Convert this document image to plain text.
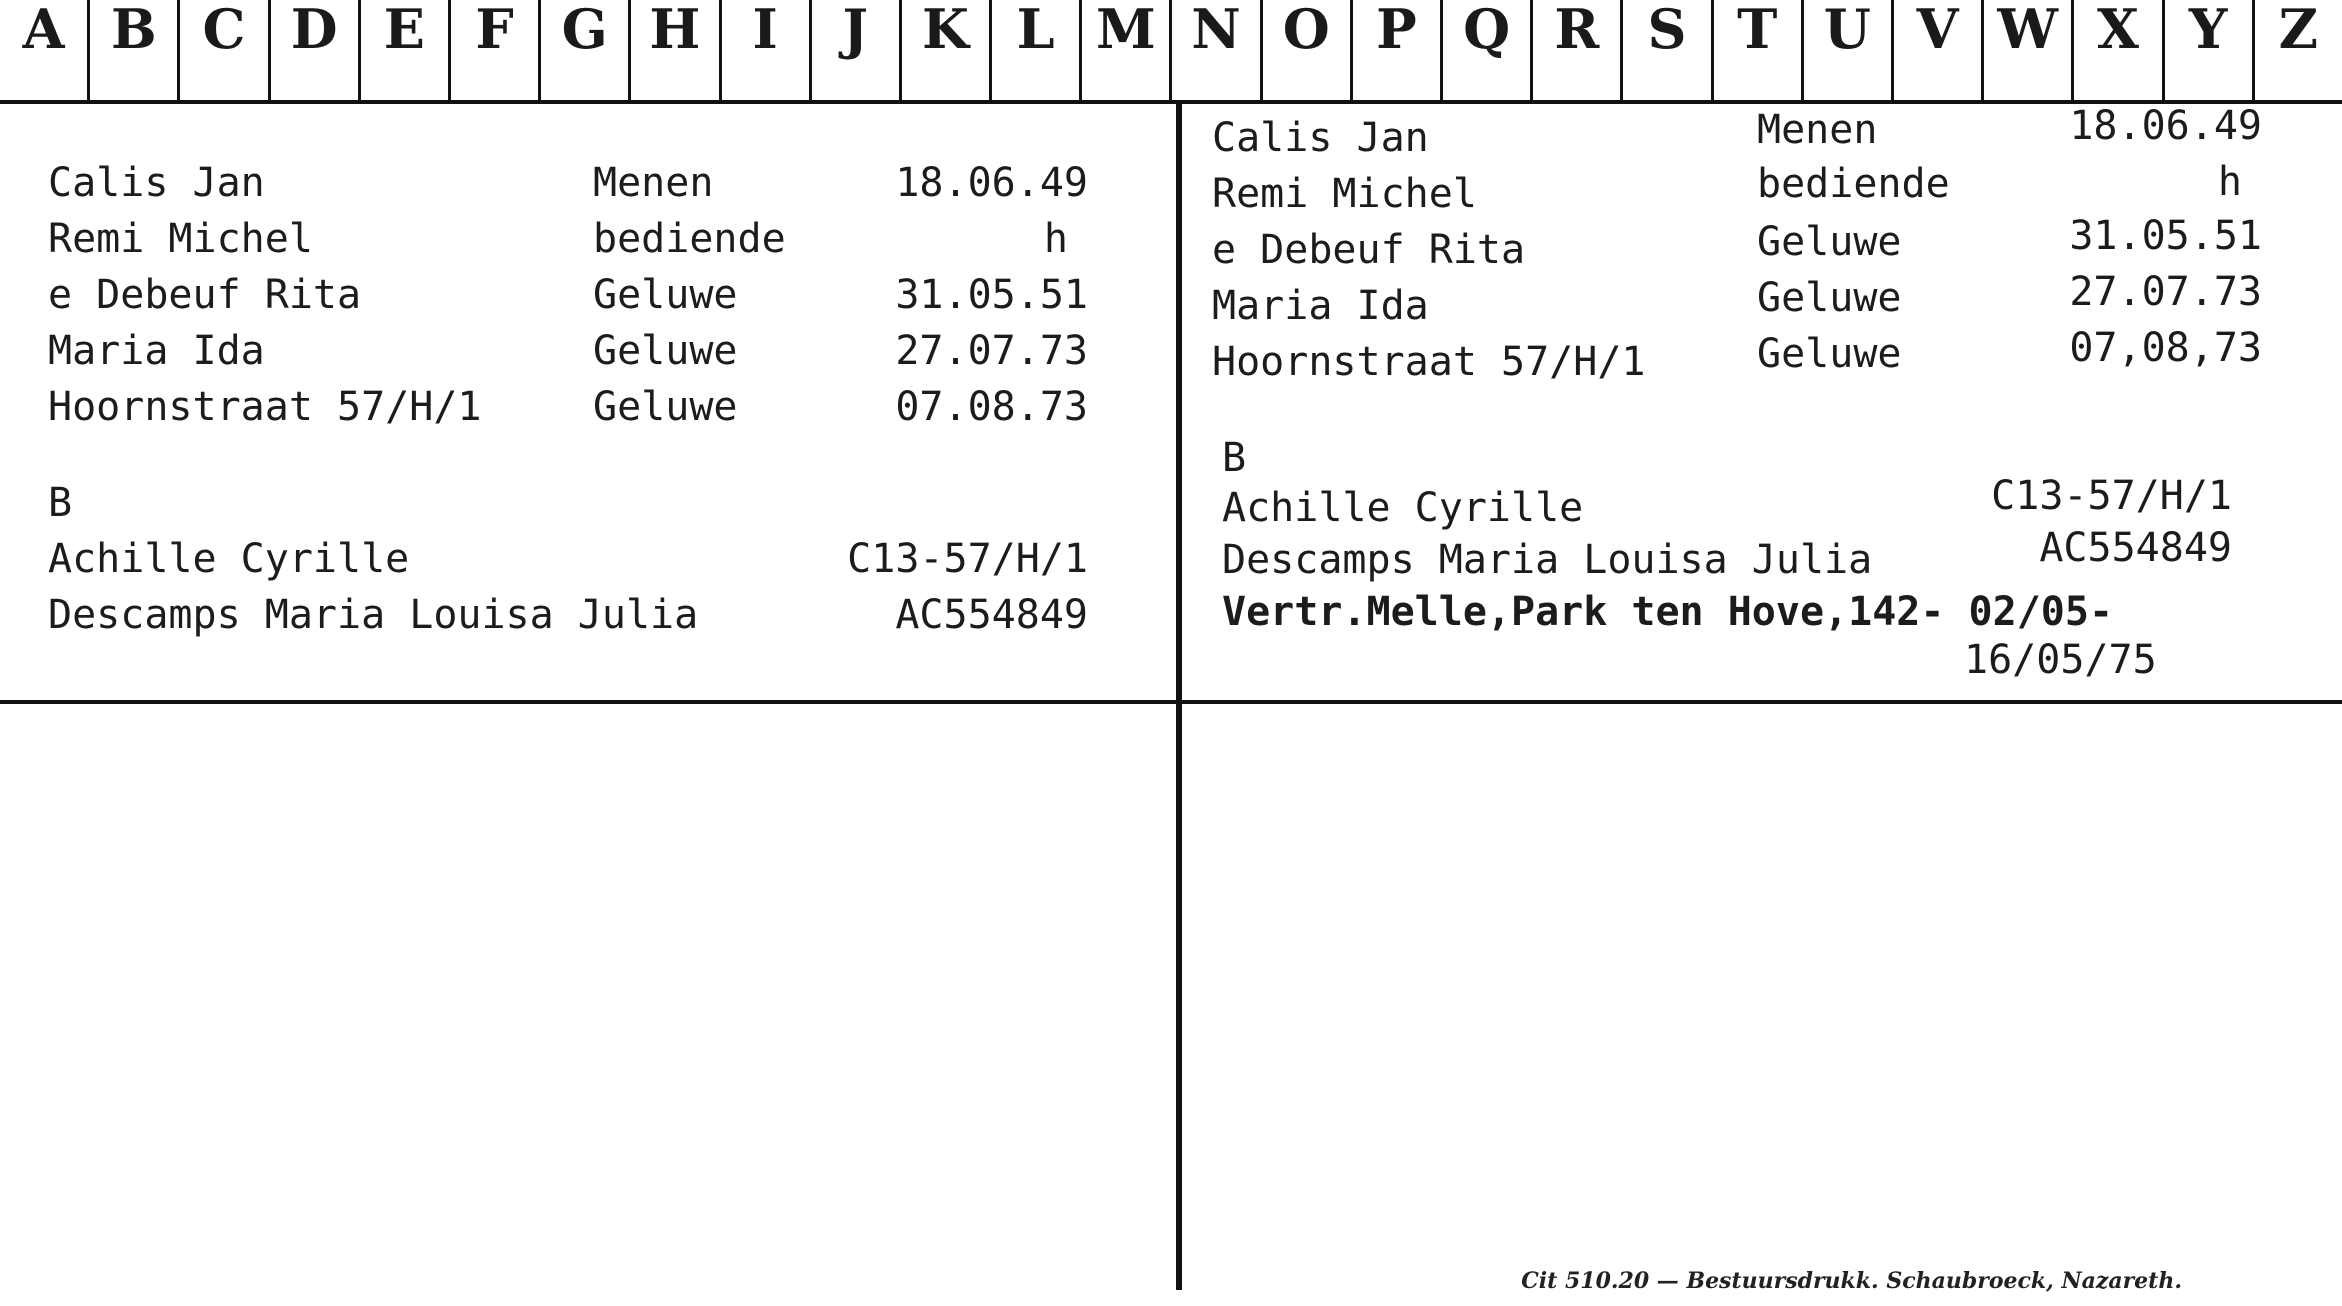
A B C D E F G H I	J K L M N O P Q R S T U V W X Y Z
Calis Jan	Menen	18.06.49
Remi Michel	bediende	h
e Debeuf Rita	Geluwe	31.05.51
Maria Ida	Geluwe	27.07.73
Hoornstraat 57/H/1	Geluwe	07.08.73
B
Achille Cyrille	C13-57/H/1
Descamps Maria Louisa Julia	AC554849
Calis Jan	Menen	18.06.49
Remi Michel	bediende	h
e Debeuf Rita	Geluwe	31.05.51
Maria Ida	Geluwe	27.07.73
Hoornstraat 57/H/1	Geluwe	07,08,73
B
Achille Cyrille	C13-57/H/1
Descamps Maria Louisa Julia	AC554849
Vertr.Melle,Park ten Hove,142- 02/05-
16/05/75
Cit 510.20 — Bestuursdrukk. Schaubroeck, Nazareth.
